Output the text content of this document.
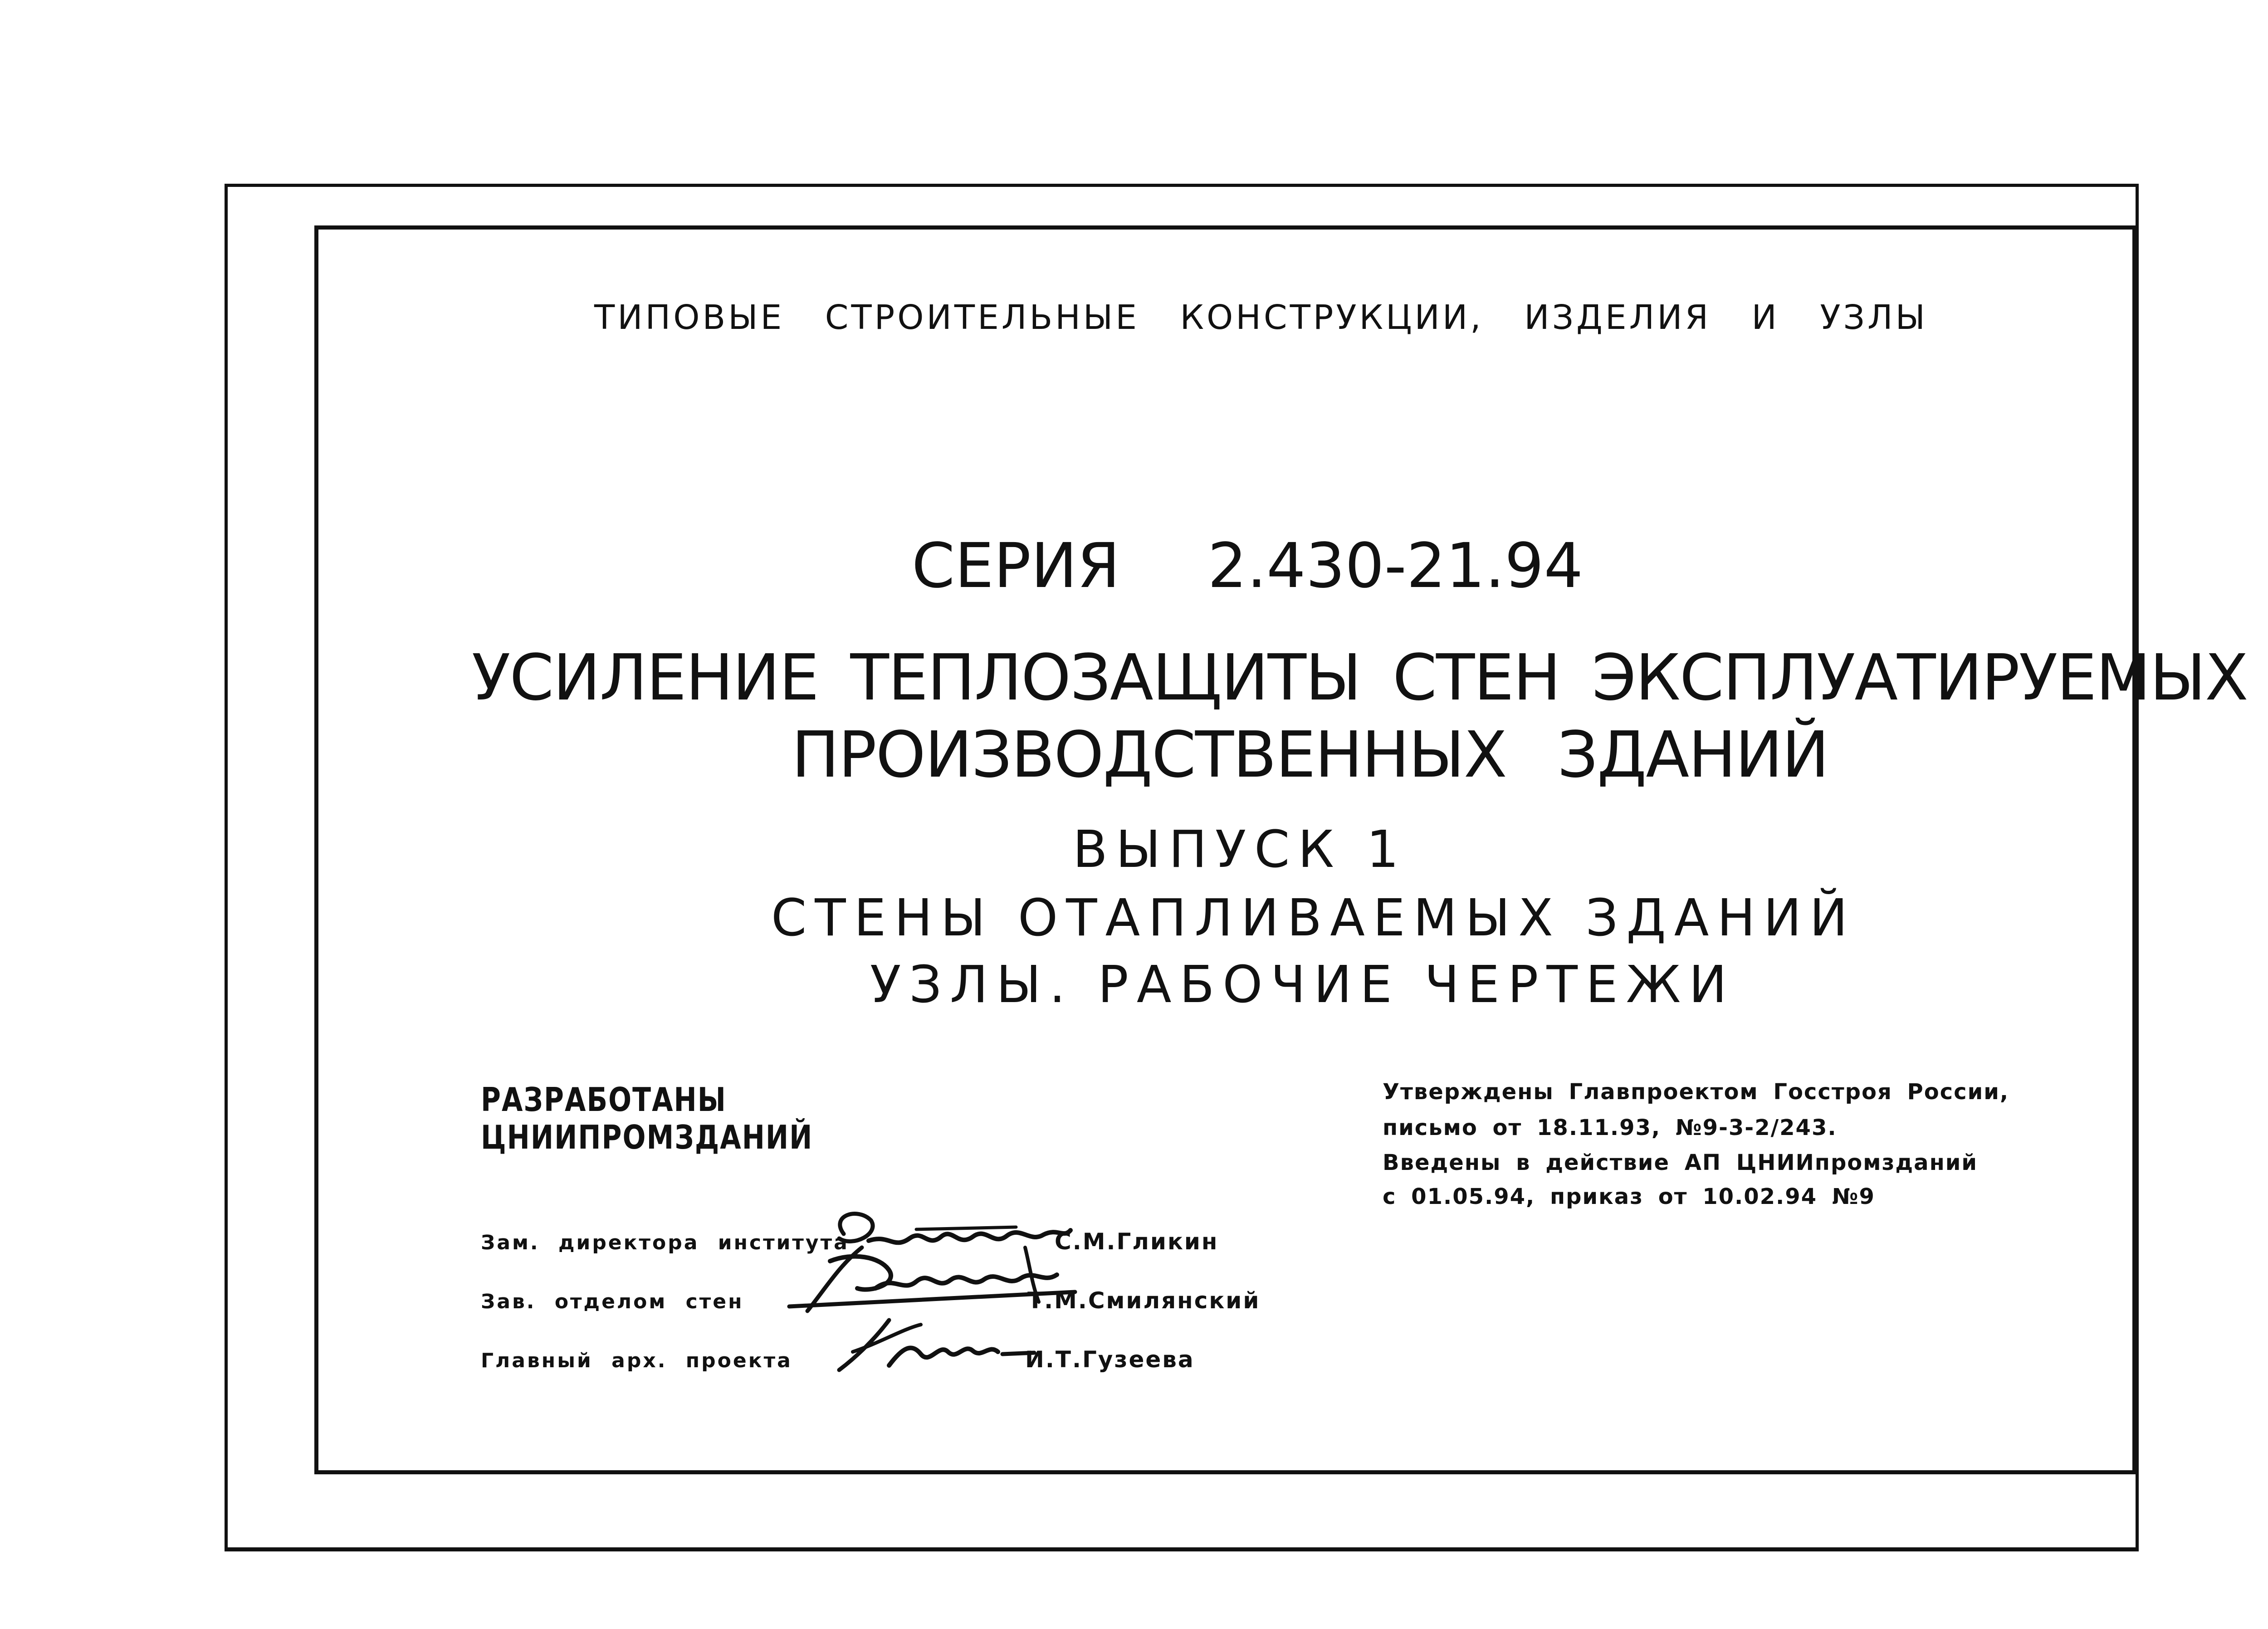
ТИПОВЫЕ СТРОИТЕЛЬНЫЕ КОНСТРУКЦИИ, ИЗДЕЛИЯ И УЗЛЫ

СЕРИЯ 2.430-21.94

УСИЛЕНИЕ ТЕПЛОЗАЩИТЫ СТЕН ЭКСПЛУАТИРУЕМЫХ

ПРОИЗВОДСТВЕННЫХ ЗДАНИЙ

ВЫПУСК 1

СТЕНЫ ОТАПЛИВАЕМЫХ ЗДАНИЙ

УЗЛЫ. РАБОЧИЕ ЧЕРТЕЖИ

РАЗРАБОТАНЫ

ЦНИИПРОМЗДАНИЙ

Утверждены Главпроектом Госстроя России,

письмо от 18.11.93, №9-3-2/243.

Введены в действие АП ЦНИИпромзданий

с 01.05.94, приказ от 10.02.94 №9

Зам. директора института	С.М.Гликин
Зав. отделом стен	Т.М.Смилянский
Главный арх. проекта	И.Т.Гузеева
